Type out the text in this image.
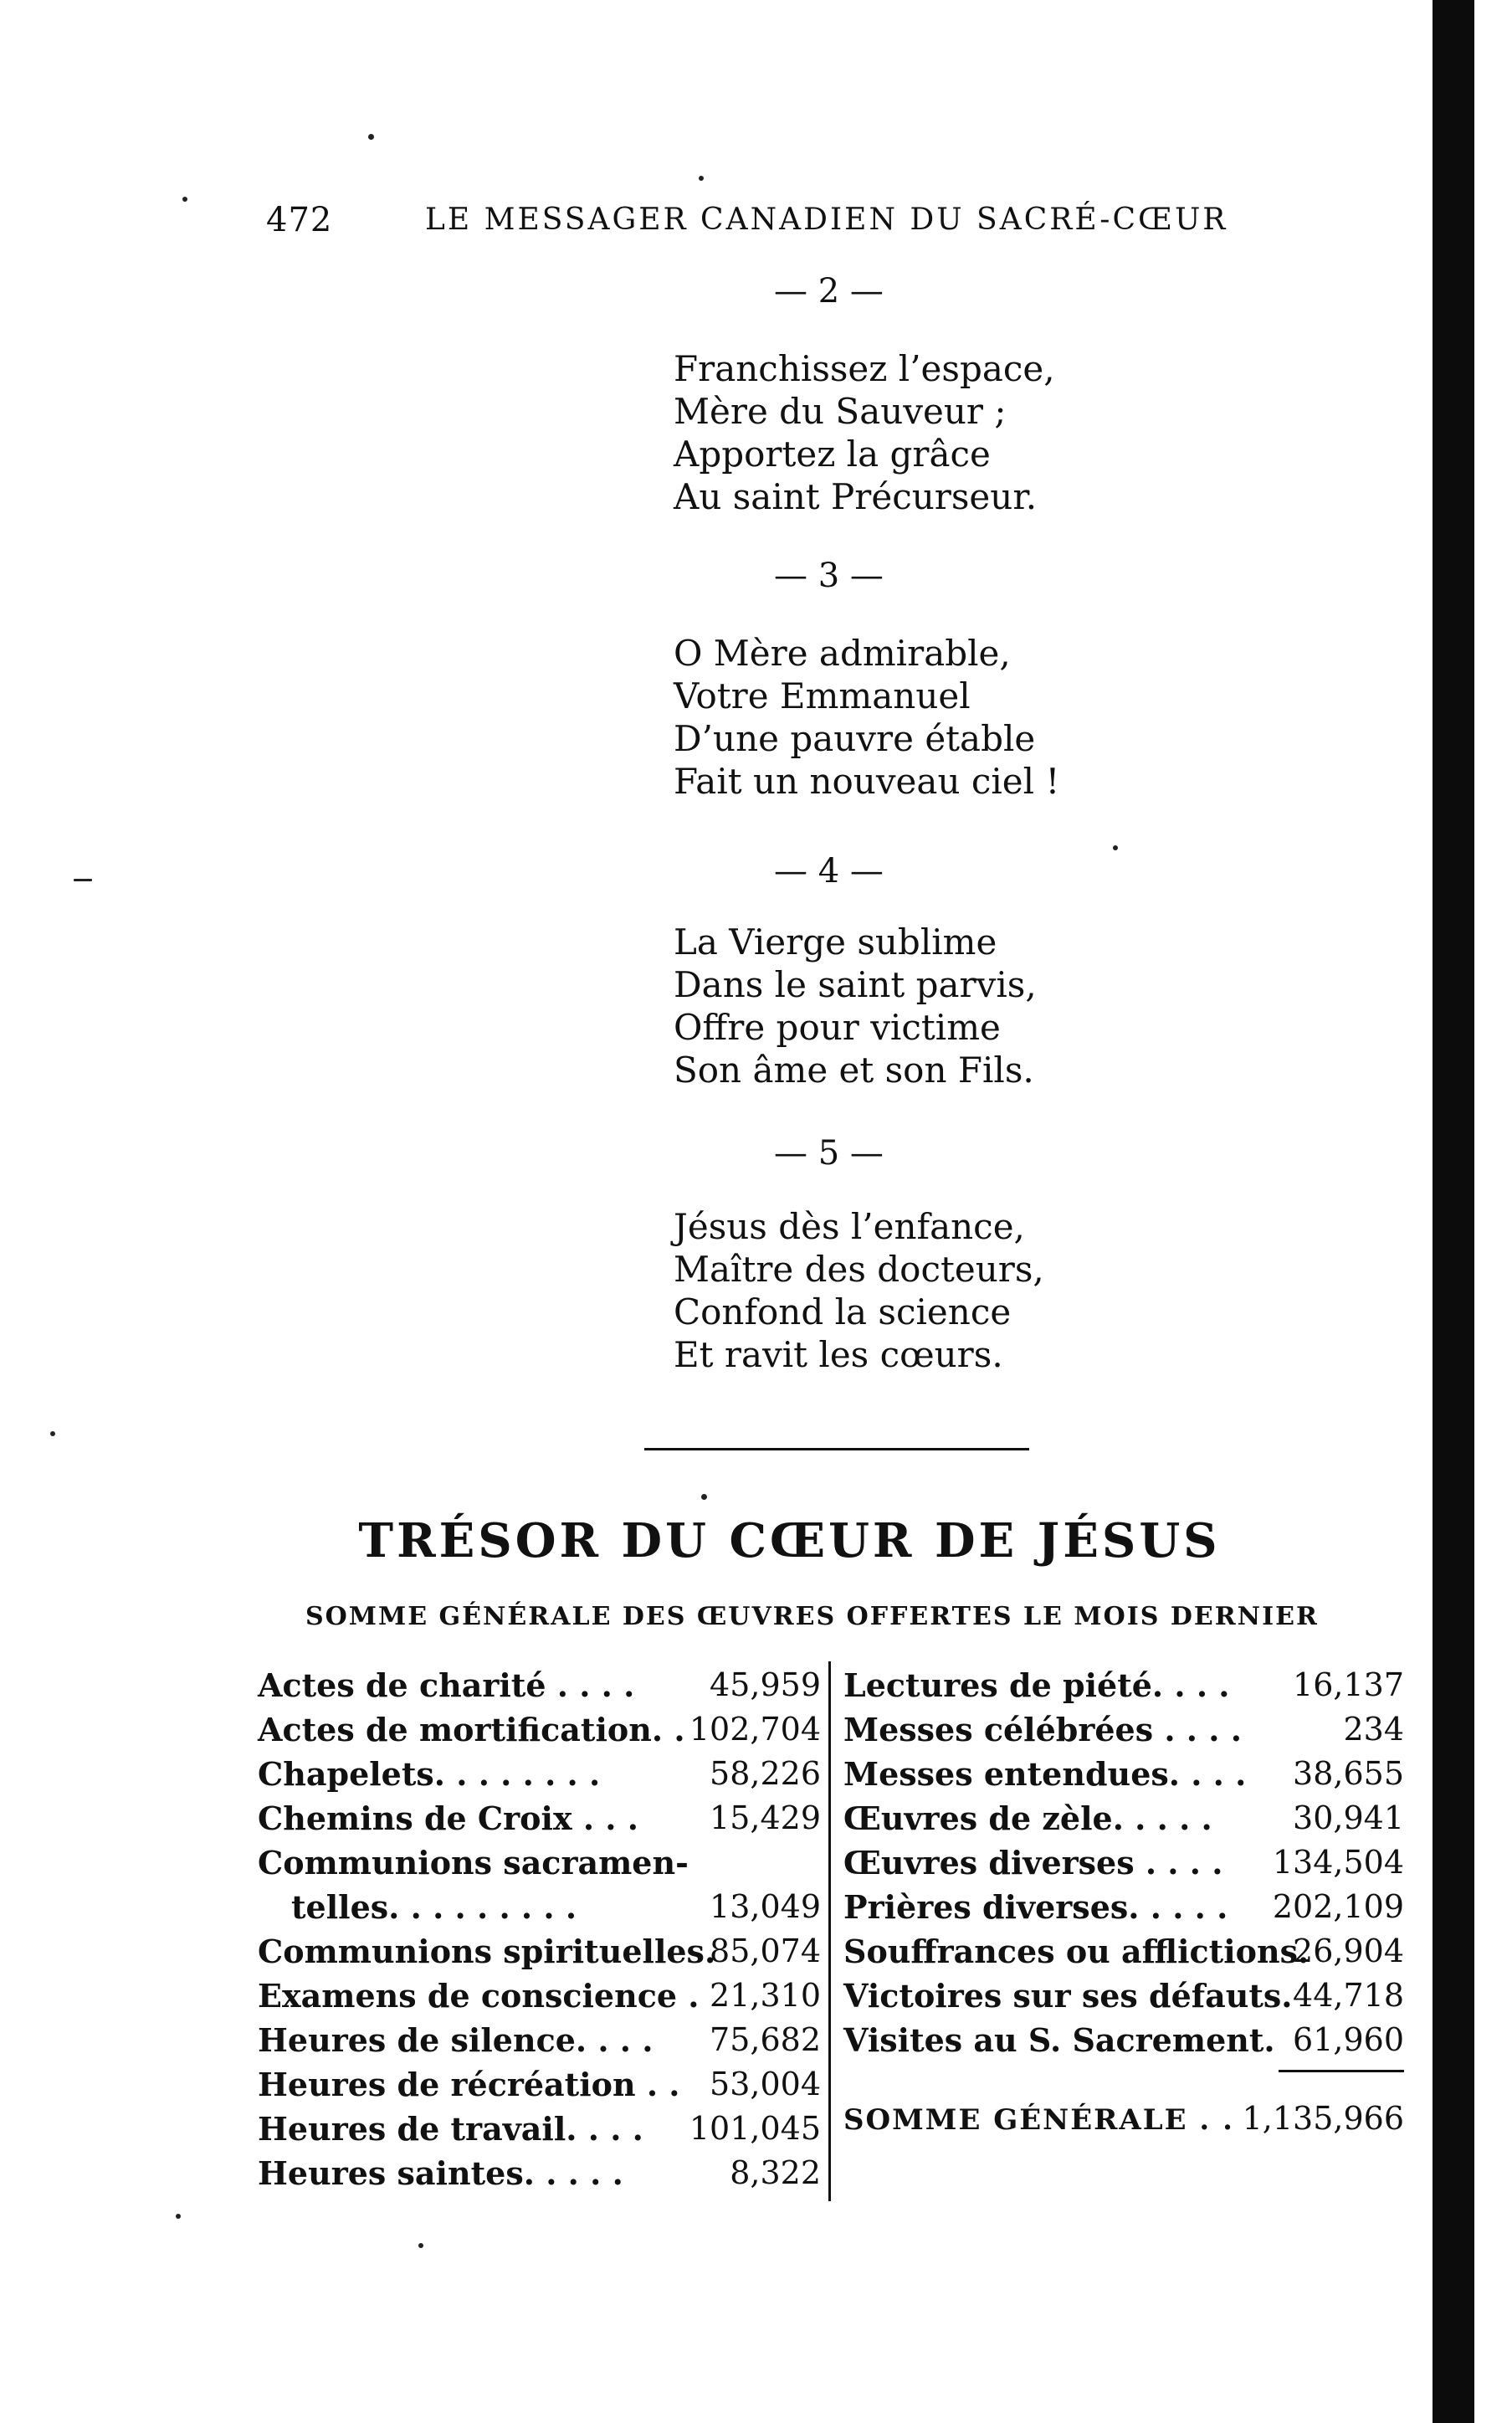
472	LE MESSAGER CANADIEN DU SACRÉ-CŒUR
— 2 —
Franchissez l’espace,
Mère du Sauveur ;
Apportez la grâce
Au saint Précurseur.
— 3 —
O Mère admirable,
Votre Emmanuel
D’une pauvre étable
Fait un nouveau ciel !
— 4 —
La Vierge sublime
Dans le saint parvis,
Offre pour victime
Son âme et son Fils.
— 5 —
Jésus dès l’enfance,
Maître des docteurs,
Confond la science
Et ravit les cœurs.
TRÉSOR DU CŒUR DE JÉSUS
SOMME GÉNÉRALE DES ŒUVRES OFFERTES LE MOIS DERNIER
Actes de charité . . . . 45,959
Actes de mortification. . 102,704
Chapelets. . . . . . . .	58,226
Chemins de Croix . . . 15,429
Communions sacramen-
telles. . . . . . . . .	13,049
Communions spirituelles.
85,074
Examens de conscience . 21,310
Heures de silence. . . . 75,682
Heures de récréation . . 53,004
Heures de travail. . . . 101,045
Heures saintes. . . . .	8,322
Lectures de piété. . . . 16,137
Messes célébrées . . . .	234
Messes entendues. . . . 38,655
Œuvres de zèle. . . . .	30,941
Œuvres diverses . . . . 134,504
Prières diverses. . . . . 202,109
Souffrances ou afflictions.
26,904
Victoires sur ses défauts. 44,718
Visites au S. Sacrement. 61,960
SOMME GÉNÉRALE . . 1,135,966
